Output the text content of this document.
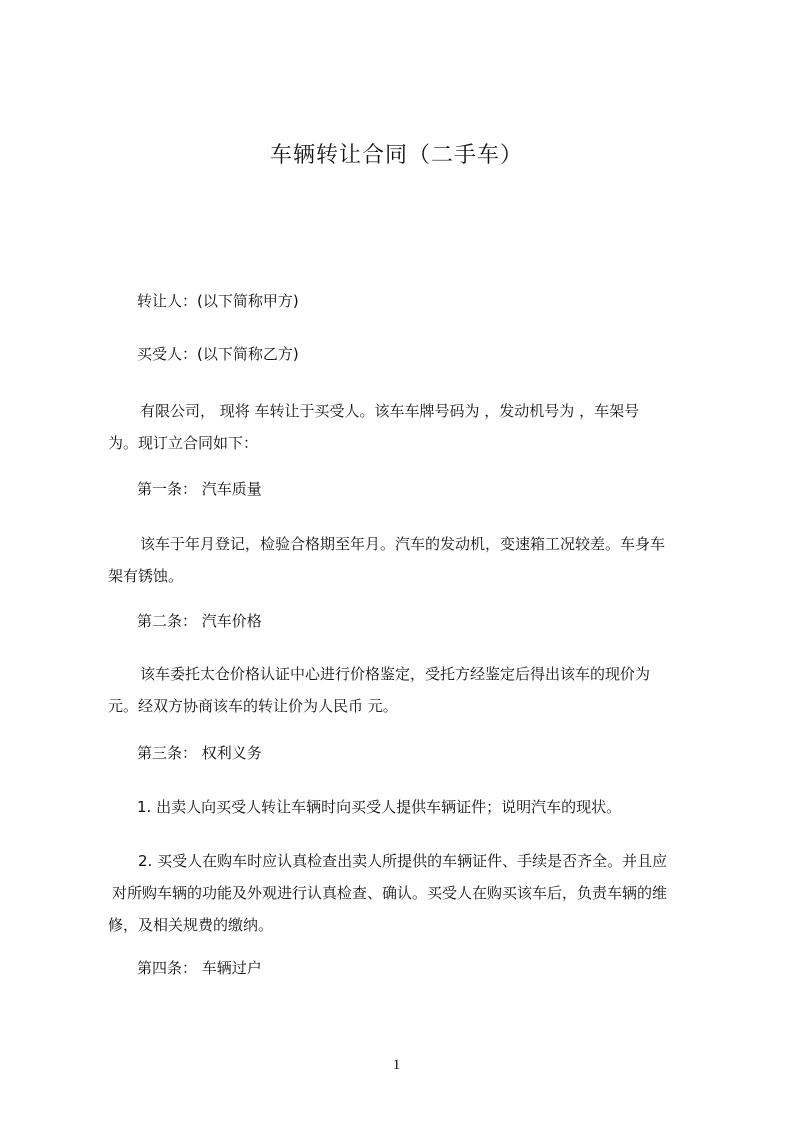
车辆转让合同（二手车）
转让人：(以下简称甲方)
买受人：(以下简称乙方)
有限公司， 现将 车转让于买受人。该车车牌号码为 ，发动机号为 ，车架号
为。现订立合同如下：
第一条： 汽车质量
该车于年月登记，检验合格期至年月。汽车的发动机，变速箱工况较差。车身车
架有锈蚀。
第二条： 汽车价格
该车委托太仓价格认证中心进行价格鉴定，受托方经鉴定后得出该车的现价为
元。经双方协商该车的转让价为人民币 元。
第三条： 权利义务
1. 出卖人向买受人转让车辆时向买受人提供车辆证件；说明汽车的现状。
2. 买受人在购车时应认真检查出卖人所提供的车辆证件、手续是否齐全。并且应
对所购车辆的功能及外观进行认真检查、确认。买受人在购买该车后，负责车辆的维
修，及相关规费的缴纳。
第四条： 车辆过户
1
